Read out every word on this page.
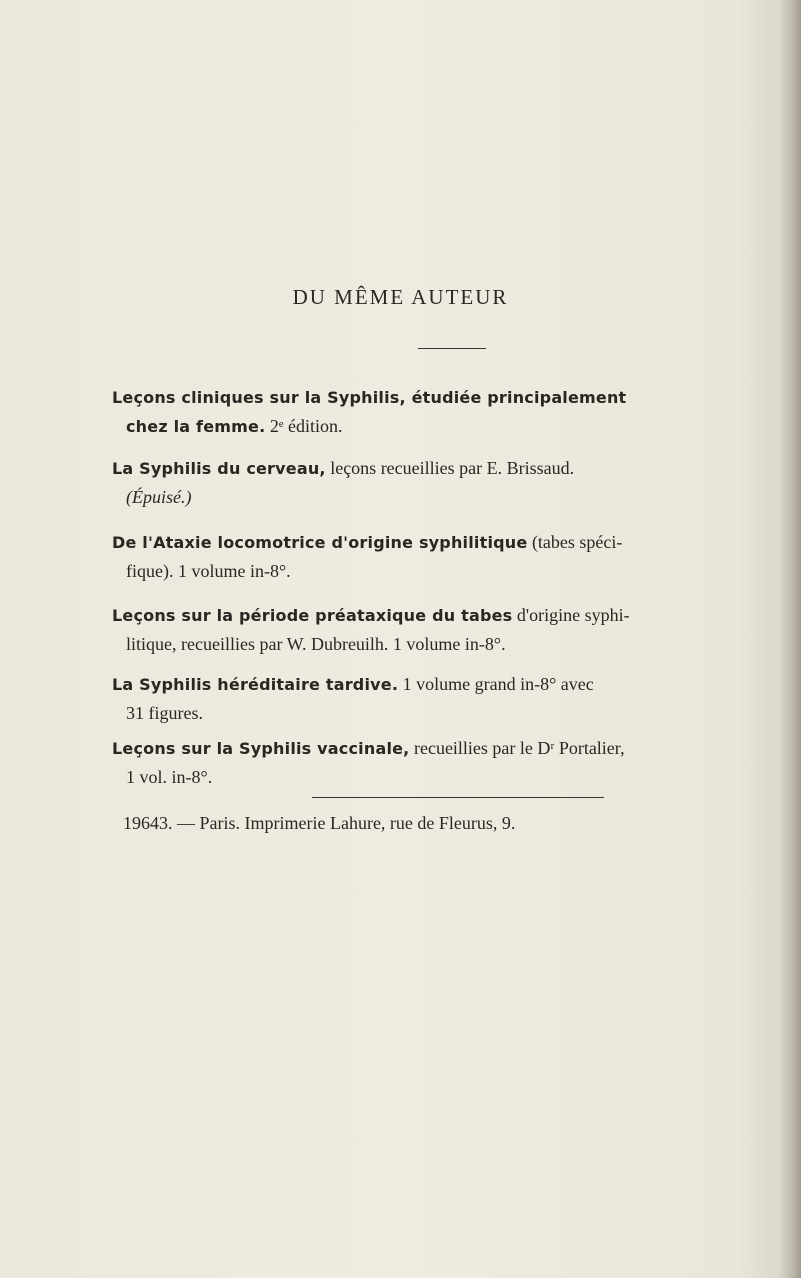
DU MÊME AUTEUR
Leçons cliniques sur la Syphilis, étudiée principalement
chez la femme. 2ᵉ édition.
La Syphilis du cerveau, leçons recueillies par E. Brissaud.
(Épuisé.)
De l'Ataxie locomotrice d'origine syphilitique (tabes spéci-
fique). 1 volume in-8°.
Leçons sur la période préataxique du tabes d'origine syphi-
litique, recueillies par W. Dubreuilh. 1 volume in-8°.
La Syphilis héréditaire tardive. 1 volume grand in-8° avec
31 figures.
Leçons sur la Syphilis vaccinale, recueillies par le Dʳ Portalier,
1 vol. in-8°.
19643. — Paris. Imprimerie Lahure, rue de Fleurus, 9.
